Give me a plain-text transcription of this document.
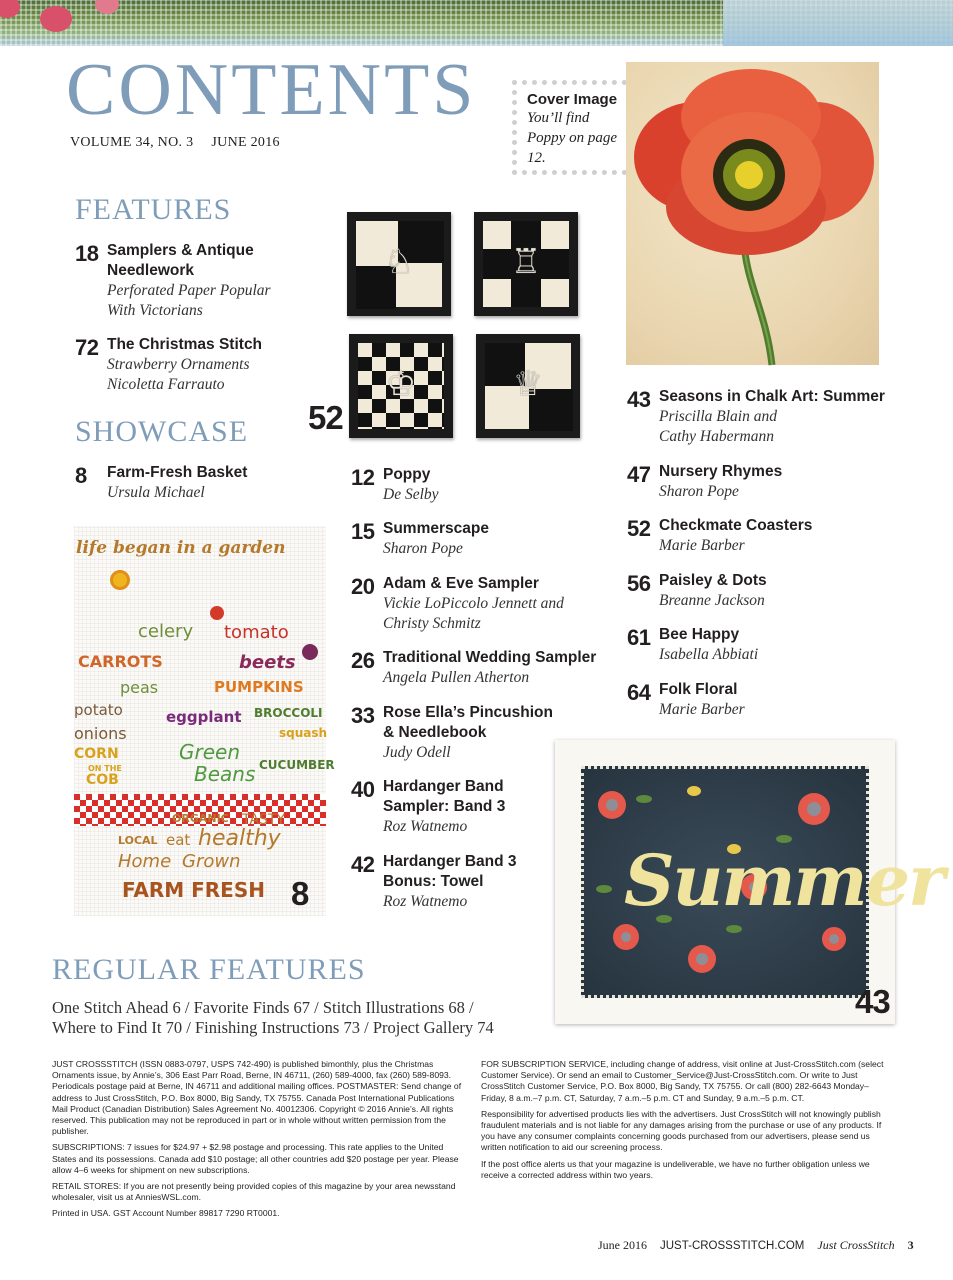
CONTENTS
VOLUME 34, NO. 3 JUNE 2016
Cover Image
You’ll find Poppy on page 12.
FEATURES
18 Samplers & Antique Needlework
Perforated Paper Popular With Victorians
72 The Christmas Stitch
Strawberry Ornaments Nicoletta Farrauto
SHOWCASE
8 Farm-Fresh Basket
Ursula Michael
12 Poppy
De Selby
15 Summerscape
Sharon Pope
20 Adam & Eve Sampler
Vickie LoPiccolo Jennett and Christy Schmitz
26 Traditional Wedding Sampler
Angela Pullen Atherton
33 Rose Ella’s Pincushion & Needlebook
Judy Odell
40 Hardanger Band Sampler: Band 3
Roz Watnemo
42 Hardanger Band 3 Bonus: Towel
Roz Watnemo
43 Seasons in Chalk Art: Summer
Priscilla Blain and Cathy Habermann
47 Nursery Rhymes
Sharon Pope
52 Checkmate Coasters
Marie Barber
56 Paisley & Dots
Breanne Jackson
61 Bee Happy
Isabella Abbiati
64 Folk Floral
Marie Barber
♘	♖
♔	♕
52
life began in a garden
celery tomato
CARROTS	beets
peas	PUMPKINS
potato	eggplant BROCCOLI
onions
CORN
ON THE
COB
Green
Beans
squash
CUCUMBER
ORGANIC TASTY
LOCAL eat healthy
Home Grown
FARM FRESH 8	Summer
43
REGULAR FEATURES
One Stitch Ahead 6 / Favorite Finds 67 / Stitch Illustrations 68 /
Where to Find It 70 / Finishing Instructions 73 / Project Gallery 74

JUST CROSSSTITCH (ISSN 0883-0797, USPS 742-490) is published bimonthly, plus the Christmas Ornaments issue, by Annie’s, 306 East Parr Road, Berne, IN 46711, (260) 589-4000, fax (260) 589-8093. Periodicals postage paid at Berne, IN 46711 and additional mailing offices. POSTMASTER: Send change of address to Just CrossStitch, P.O. Box 8000, Big Sandy, TX 75755. Canada Post International Publications Mail Product (Canadian Distribution) Sales Agreement No. 40012306. Copyright © 2016 Annie’s. All rights reserved. This publication may not be reproduced in part or in whole without written permission from the publisher.

SUBSCRIPTIONS: 7 issues for $24.97 + $2.98 postage and processing. This rate applies to the United States and its possessions. Canada add $10 postage; all other countries add $20 postage per year. Please allow 4–6 weeks for shipment on new subscriptions.

RETAIL STORES: If you are not presently being provided copies of this magazine by your area newsstand wholesaler, visit us at AnniesWSL.com.

Printed in USA. GST Account Number 89817 7290 RT0001.

FOR SUBSCRIPTION SERVICE, including change of address, visit online at Just-CrossStitch.com (select Customer Service). Or send an email to Customer_Service@Just-CrossStitch.com. Or write to Just CrossStitch Customer Service, P.O. Box 8000, Big Sandy, TX 75755. Or call (800) 282-6643 Monday–Friday, 8 a.m.–7 p.m. CT, Saturday, 7 a.m.–5 p.m. CT and Sunday, 9 a.m.–5 p.m. CT.

Responsibility for advertised products lies with the advertisers. Just CrossStitch will not knowingly publish fraudulent materials and is not liable for any damages arising from the purchase or use of any products. If you have any consumer complaints concerning goods purchased from our advertisers, please send us written notification to aid our screening process.

If the post office alerts us that your magazine is undeliverable, we have no further obligation unless we receive a corrected address within two years.

June 2016 JUST-CROSSSTITCH.COM Just CrossStitch 3
